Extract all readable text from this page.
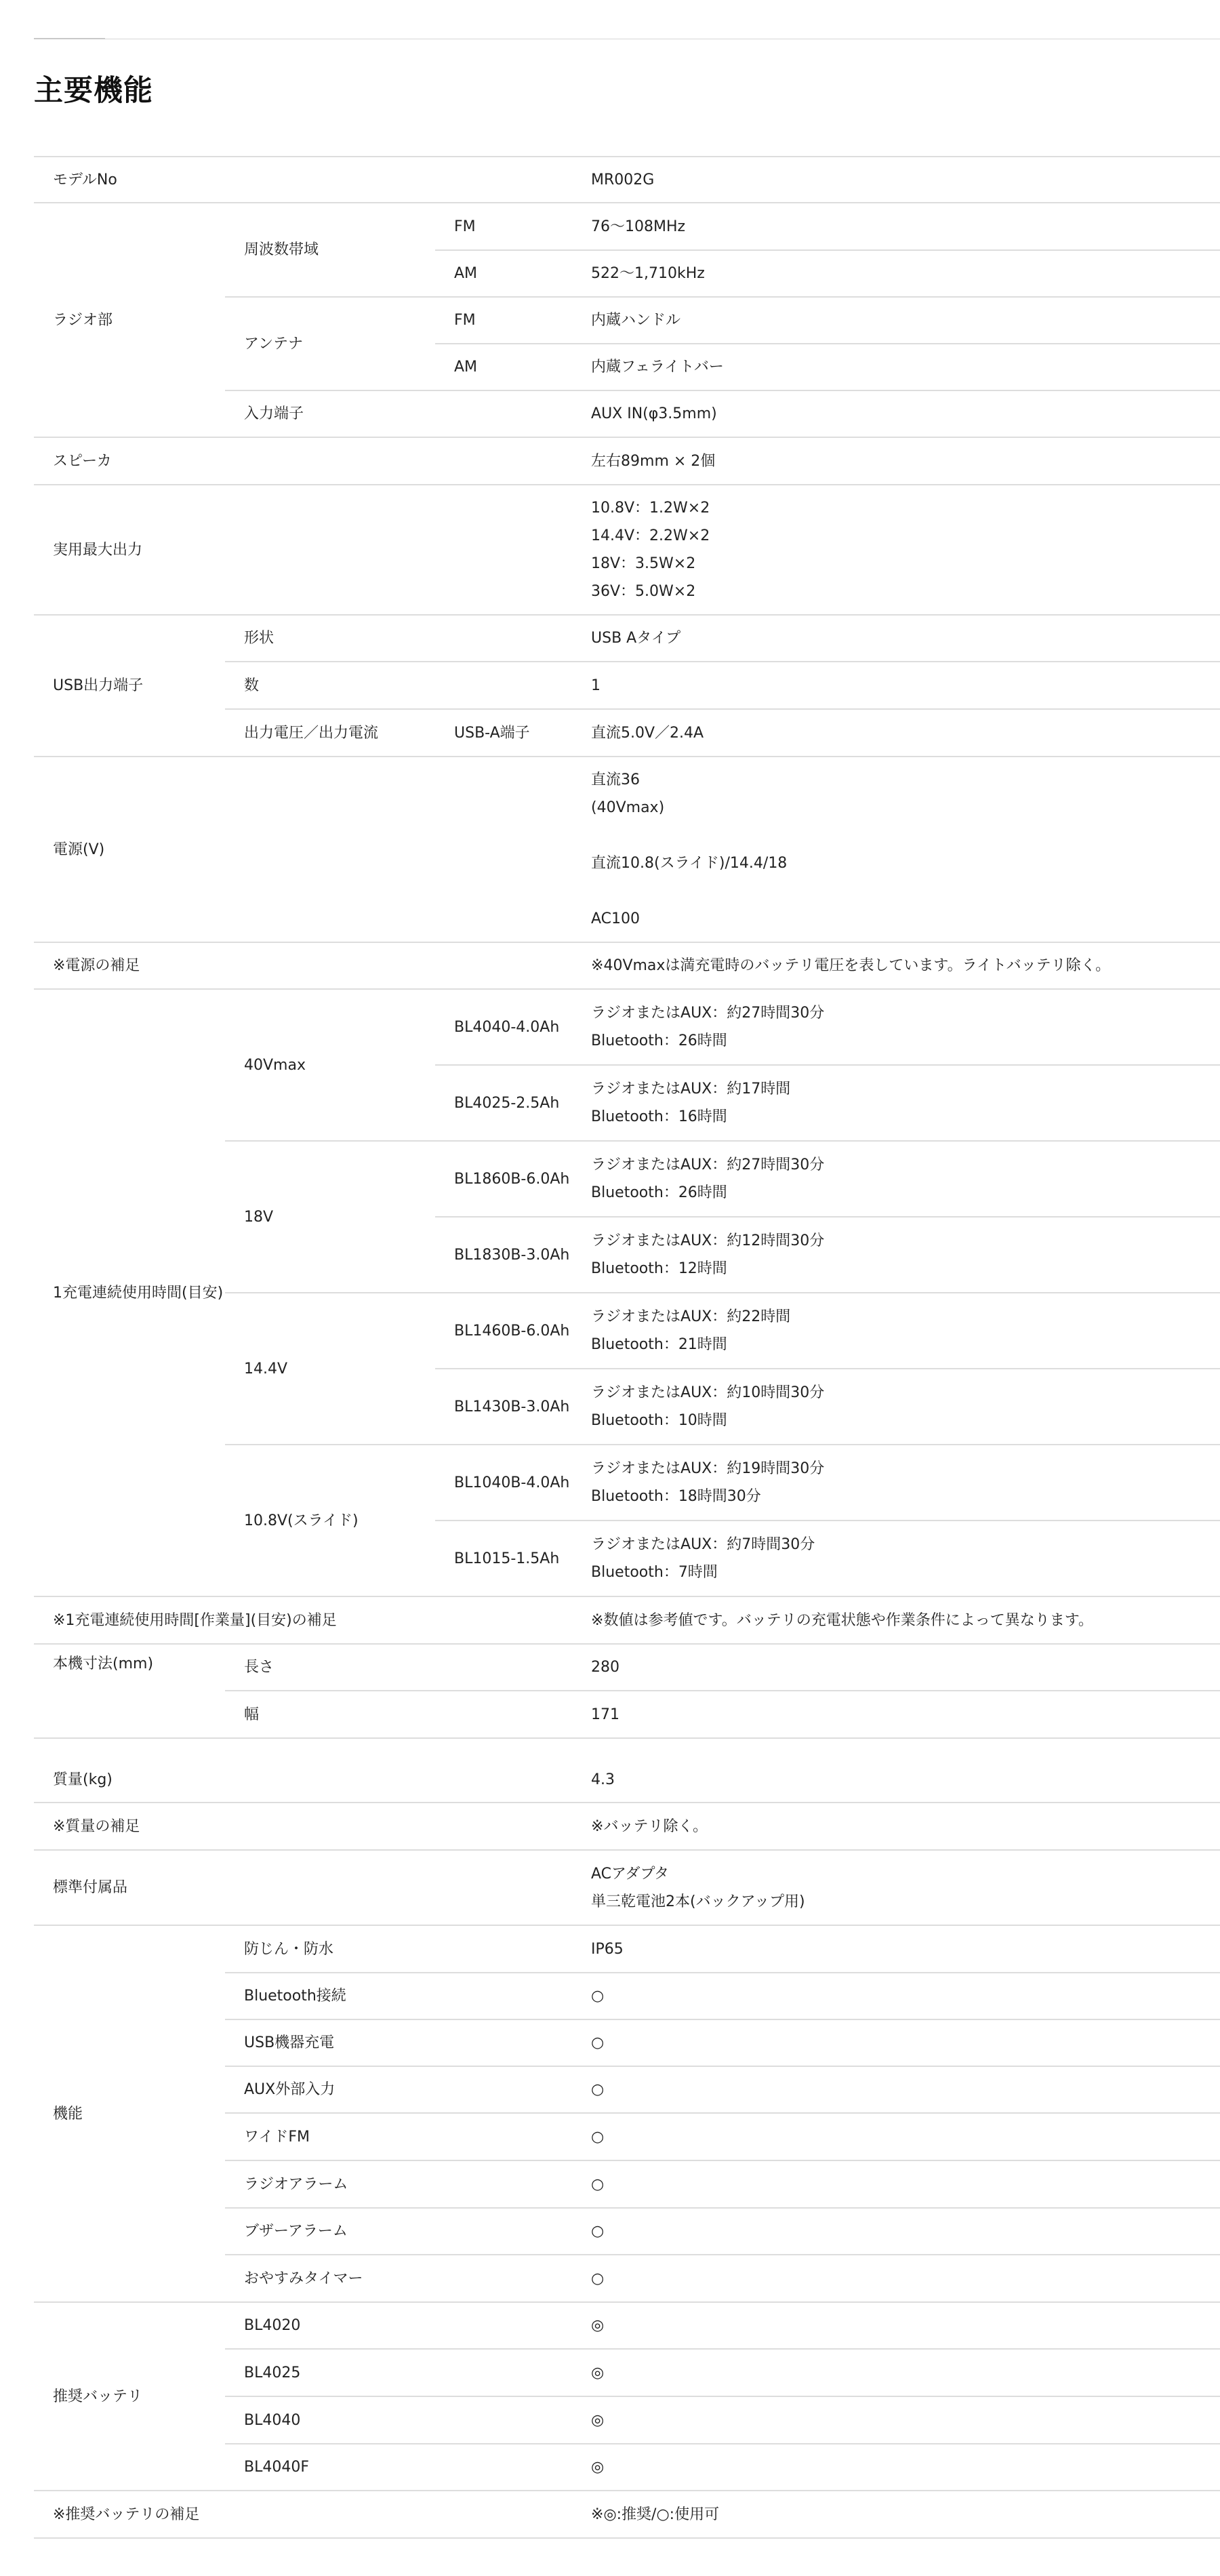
主要機能
モデルNo			MR002G
ラジオ部	周波数帯域	FM	76～108MHz
		AM	522～1,710kHz
	アンテナ	FM	内蔵ハンドル
		AM	内蔵フェライトバー
	入力端子		AUX IN(φ3.5mm)
スピーカ			左右89mm × 2個
実用最大出力			10.8V：1.2W×2
14.4V：2.2W×2
18V：3.5W×2
36V：5.0W×2

USB出力端子	形状		USB Aタイプ
	数		1
	出力電圧／出力電流	USB-A端子	直流5.0V／2.4A
電源(V)			直流36
(40Vmax)
直流10.8(スライド)/14.4/18
AC100

※電源の補足			※40Vmaxは満充電時のバッテリ電圧を表しています。ライトバッテリ除く。
1充電連続使用時間(目安)	40Vmax	BL4040-4.0Ah	ラジオまたはAUX：約27時間30分
Bluetooth：26時間

		BL4025-2.5Ah	ラジオまたはAUX：約17時間
Bluetooth：16時間

	18V	BL1860B-6.0Ah	ラジオまたはAUX：約27時間30分
Bluetooth：26時間

		BL1830B-3.0Ah	ラジオまたはAUX：約12時間30分
Bluetooth：12時間

	14.4V	BL1460B-6.0Ah	ラジオまたはAUX：約22時間
Bluetooth：21時間

		BL1430B-3.0Ah	ラジオまたはAUX：約10時間30分
Bluetooth：10時間

	10.8V(スライド)	BL1040B-4.0Ah	ラジオまたはAUX：約19時間30分
Bluetooth：18時間30分

		BL1015-1.5Ah	ラジオまたはAUX：約7時間30分
Bluetooth：7時間

※1充電連続使用時間[作業量](目安)の補足			※数値は参考値です。バッテリの充電状態や作業条件によって異なります。
本機寸法(mm)	長さ		280
	幅		171
質量(kg)			4.3
※質量の補足			※バッテリ除く。
標準付属品			ACアダプタ
単三乾電池2本(バックアップ用)

機能	防じん・防水		IP65
	Bluetooth接続		○
	USB機器充電		○
	AUX外部入力		○
	ワイドFM		○
	ラジオアラーム		○
	ブザーアラーム		○
	おやすみタイマー		○
推奨バッテリ	BL4020		◎
	BL4025		◎
	BL4040		◎
	BL4040F		◎
※推奨バッテリの補足			※◎:推奨/○:使用可
